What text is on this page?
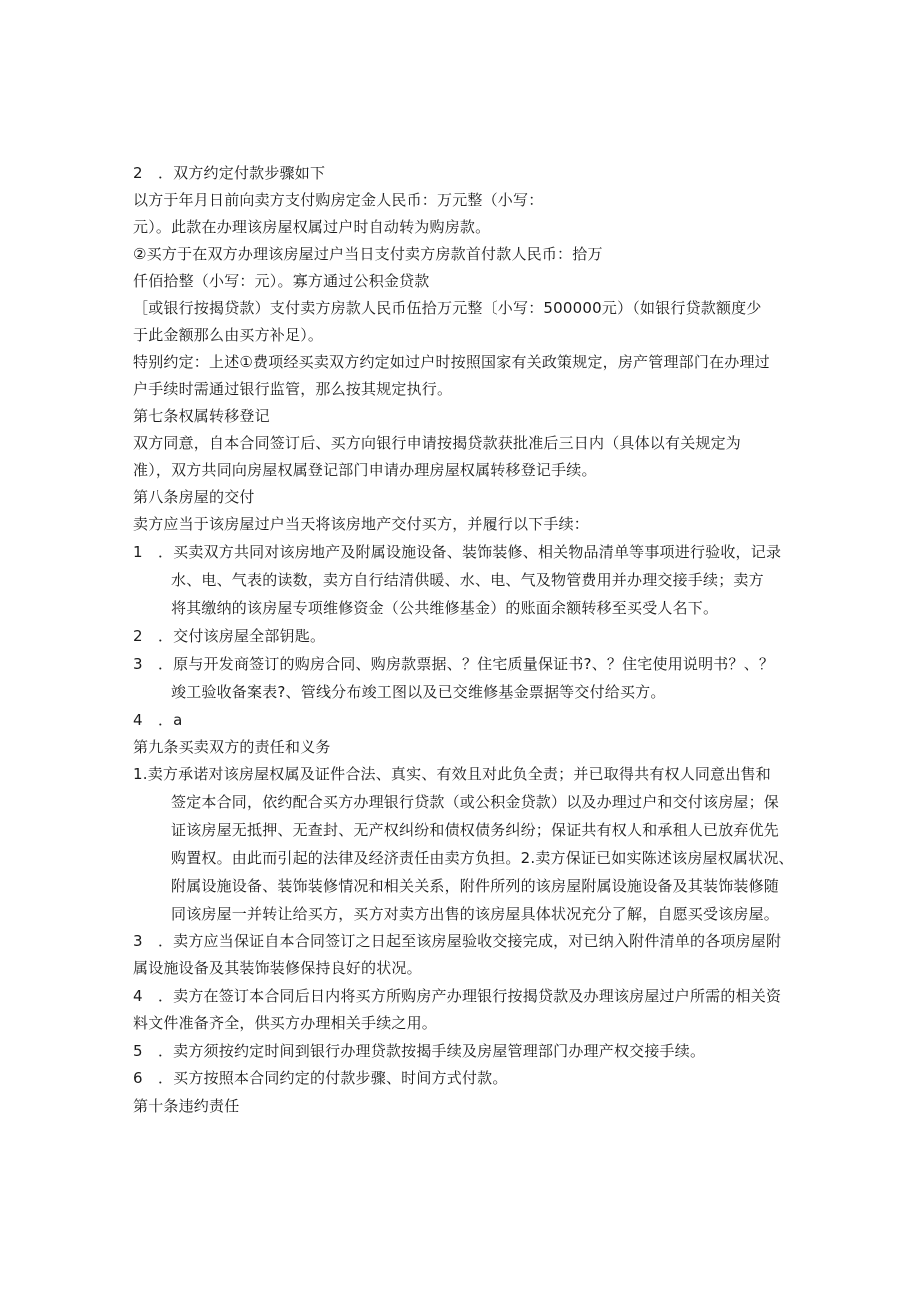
2　．双方约定付款步骤如下
以方于年月日前向卖方支付购房定金人民币：万元整（小写：
元）。此款在办理该房屋权属过户时自动转为购房款。
②买方于在双方办理该房屋过户当日支付卖方房款首付款人民币：拾万
仟佰拾整（小写：元）。寡方通过公积金贷款
［或银行按揭贷款）支付卖方房款人民币伍拾万元整〔小写：500000元）（如银行贷款额度少
于此金额那么由买方补足）。
特别约定：上述①费项经买卖双方约定如过户时按照国家有关政策规定，房产管理部门在办理过
户手续时需通过银行监管，那么按其规定执行。
第七条权属转移登记
双方同意，自本合同签订后、买方向银行申请按揭贷款获批准后三日内（具体以有关规定为
准），双方共同向房屋权属登记部门申请办理房屋权属转移登记手续。
第八条房屋的交付
卖方应当于该房屋过户当天将该房地产交付买方，并履行以下手续：
1　．买卖双方共同对该房地产及附属设施设备、装饰装修、相关物品清单等事项进行验收，记录
水、电、气表的读数，卖方自行结清供暖、水、电、气及物管费用并办理交接手续；卖方
将其缴纳的该房屋专项维修资金（公共维修基金）的账面余额转移至买受人名下。
2　．交付该房屋全部钥匙。
3　．原与开发商签订的购房合同、购房款票据、？住宅质量保证书?、？住宅使用说明书？、？
竣工验收备案表?、管线分布竣工图以及已交维修基金票据等交付给买方。
4　．a
第九条买卖双方的责任和义务
1.卖方承诺对该房屋权属及证件合法、真实、有效且对此负全责；并已取得共有权人同意出售和
签定本合同，依约配合买方办理银行贷款（或公积金贷款）以及办理过户和交付该房屋；保
证该房屋无抵押、无查封、无产权纠纷和债权债务纠纷；保证共有权人和承租人已放弃优先
购置权。由此而引起的法律及经济责任由卖方负担。2.卖方保证已如实陈述该房屋权属状况、
附属设施设备、装饰装修情况和相关关系，附件所列的该房屋附属设施设备及其装饰装修随
同该房屋一并转让给买方，买方对卖方出售的该房屋具体状况充分了解，自愿买受该房屋。
3　．卖方应当保证自本合同签订之日起至该房屋验收交接完成，对已纳入附件清单的各项房屋附
属设施设备及其装饰装修保持良好的状况。
4　．卖方在签订本合同后日内将买方所购房产办理银行按揭贷款及办理该房屋过户所需的相关资
料文件准备齐全，供买方办理相关手续之用。
5　．卖方须按约定时间到银行办理贷款按揭手续及房屋管理部门办理产权交接手续。
6　．买方按照本合同约定的付款步骤、时间方式付款。
第十条违约责任
